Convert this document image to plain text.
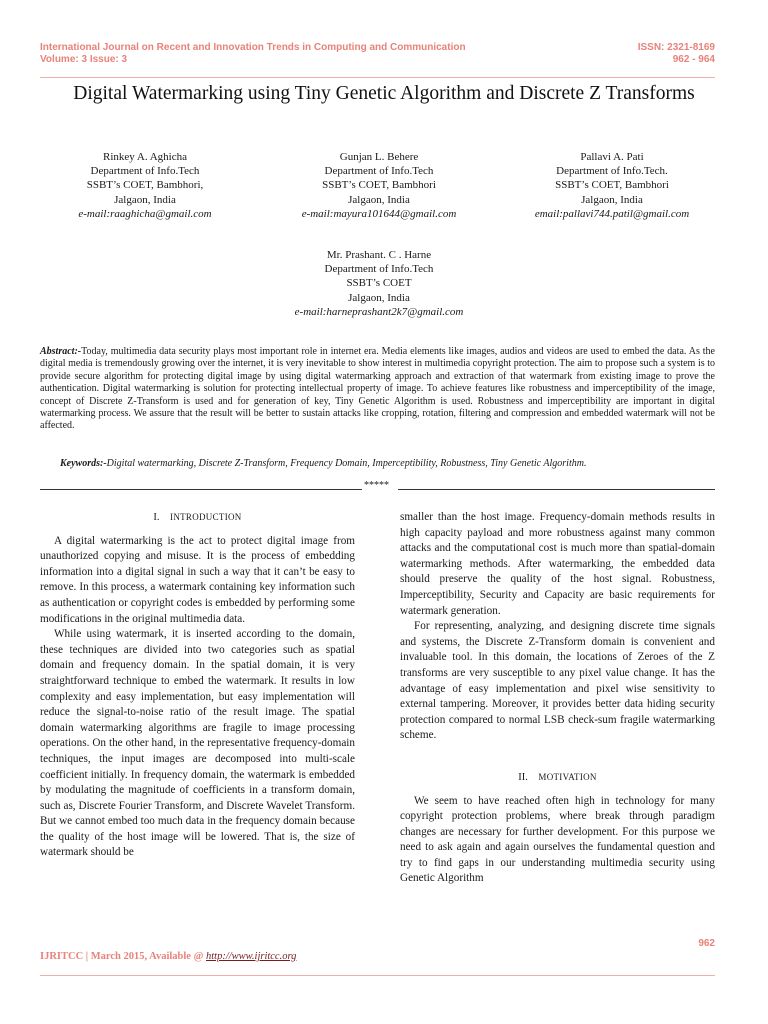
International Journal on Recent and Innovation Trends in Computing and Communication
Volume: 3 Issue: 3
ISSN: 2321-8169
962 - 964
Digital Watermarking using Tiny Genetic Algorithm and Discrete Z Transforms
Rinkey A. Aghicha
Department of Info.Tech
SSBT’s COET, Bambhori,
Jalgaon, India
e-mail:raaghicha@gmail.com
Gunjan L. Behere
Department of Info.Tech
SSBT’s COET, Bambhori
Jalgaon, India
e-mail:mayura101644@gmail.com
Pallavi A. Pati
Department of Info.Tech.
SSBT’s COET, Bambhori
Jalgaon, India
email:pallavi744.patil@gmail.com
Mr. Prashant. C . Harne
Department of Info.Tech
SSBT’s COET
Jalgaon, India
e-mail:harneprashant2k7@gmail.com
Abstract:-Today, multimedia data security plays most important role in internet era. Media elements like images, audios and videos are used to embed the data. As the digital media is tremendously growing over the internet, it is very inevitable to show interest in multimedia copyright protection. The aim to propose such a system is to provide secure algorithm for protecting digital image by using digital watermarking approach and extraction of that watermark from existing image to prove the authentication. Digital watermarking is solution for protecting intellectual property of image. To achieve features like robustness and imperceptibility of the image, concept of Discrete Z-Transform is used and for generation of key, Tiny Genetic Algorithm is used. Robustness and imperceptibility are important in digital watermarking process. We assure that the result will be better to sustain attacks like cropping, rotation, filtering and compression and embedded watermark will not be affected.
Keywords:-Digital watermarking, Discrete Z-Transform, Frequency Domain, Imperceptibility, Robustness, Tiny Genetic Algorithm.
*****
I. INTRODUCTION

A digital watermarking is the act to protect digital image from unauthorized copying and misuse. It is the process of embedding information into a digital signal in such a way that it can’t be easy to remove. In this process, a watermark containing key information such as authentication or copyright codes is embedded by performing some modifications in the original multimedia data.

While using watermark, it is inserted according to the domain, these techniques are divided into two categories such as spatial domain and frequency domain. In the spatial domain, it is very straightforward technique to embed the watermark. It results in low complexity and easy implementation, but easy implementation will reduce the signal-to-noise ratio of the result image. The spatial domain watermarking algorithms are fragile to image processing operations. On the other hand, in the representative frequency-domain techniques, the input images are decomposed into multi-scale coefficient initially. In frequency domain, the watermark is embedded by modulating the magnitude of coefficients in a transform domain, such as, Discrete Fourier Transform, and Discrete Wavelet Transform. But we cannot embed too much data in the frequency domain because the quality of the host image will be lowered. That is, the size of watermark should be

smaller than the host image. Frequency-domain methods results in high capacity payload and more robustness against many common attacks and the computational cost is much more than spatial-domain watermarking methods. After watermarking, the embedded data should preserve the quality of the host signal. Robustness, Imperceptibility, Security and Capacity are basic requirements for watermark generation.

For representing, analyzing, and designing discrete time signals and systems, the Discrete Z-Transform domain is convenient and invaluable tool. In this domain, the locations of Zeroes of the Z transforms are very susceptible to any pixel value change. It has the advantage of easy implementation and pixel wise sensitivity to external tampering. Moreover, it provides better data hiding security protection compared to normal LSB check-sum fragile watermarking scheme.

II. MOTIVATION

We seem to have reached often high in technology for many copyright protection problems, where break through paradigm changes are necessary for further development. For this purpose we need to ask again and again ourselves the fundamental question and try to find gaps in our understanding multimedia security using Genetic Algorithm

962
IJRITCC | March 2015, Available @ http://www.ijritcc.org
